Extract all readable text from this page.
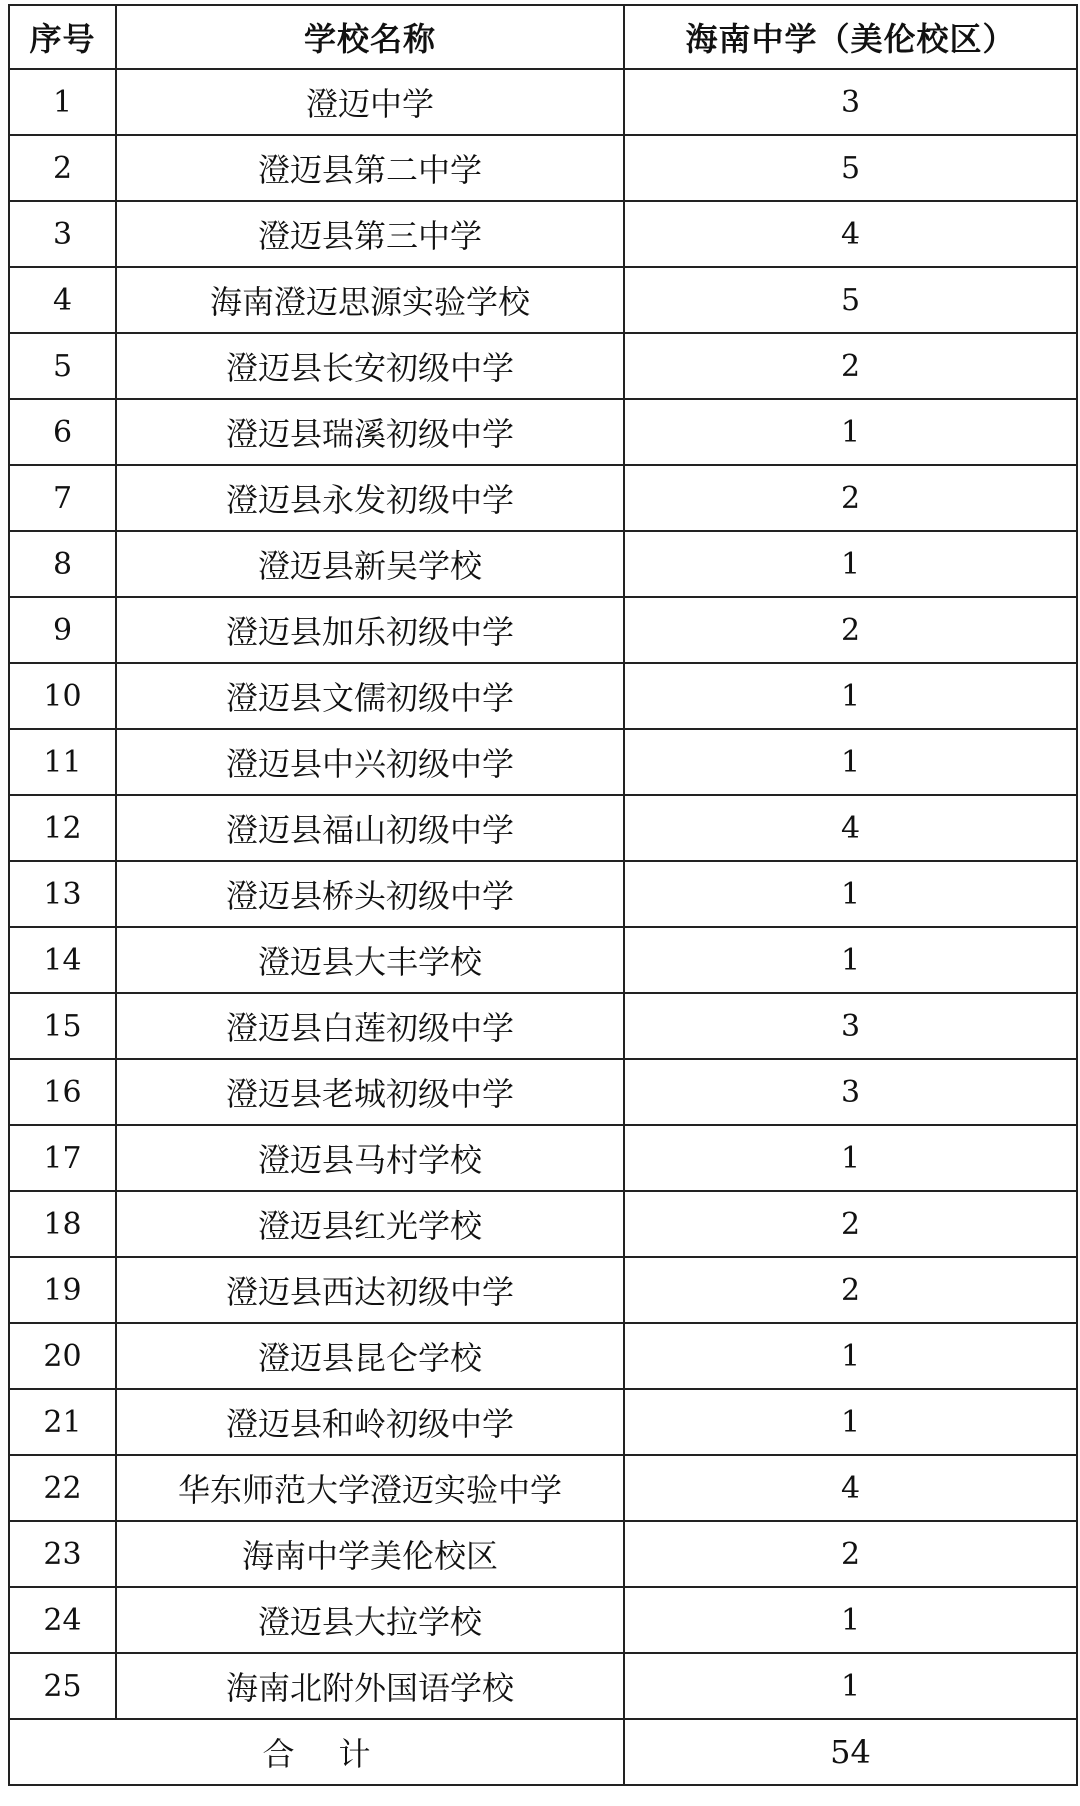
序号	学校名称	海南中学（美伦校区）
1	澄迈中学	3
2	澄迈县第二中学	5
3	澄迈县第三中学	4
4	海南澄迈思源实验学校	5
5	澄迈县长安初级中学	2
6	澄迈县瑞溪初级中学	1
7	澄迈县永发初级中学	2
8	澄迈县新吴学校	1
9	澄迈县加乐初级中学	2
10	澄迈县文儒初级中学	1
11	澄迈县中兴初级中学	1
12	澄迈县福山初级中学	4
13	澄迈县桥头初级中学	1
14	澄迈县大丰学校	1
15	澄迈县白莲初级中学	3
16	澄迈县老城初级中学	3
17	澄迈县马村学校	1
18	澄迈县红光学校	2
19	澄迈县西达初级中学	2
20	澄迈县昆仑学校	1
21	澄迈县和岭初级中学	1
22	华东师范大学澄迈实验中学	4
23	海南中学美伦校区	2
24	澄迈县大拉学校	1
25	海南北附外国语学校	1
合计		54
